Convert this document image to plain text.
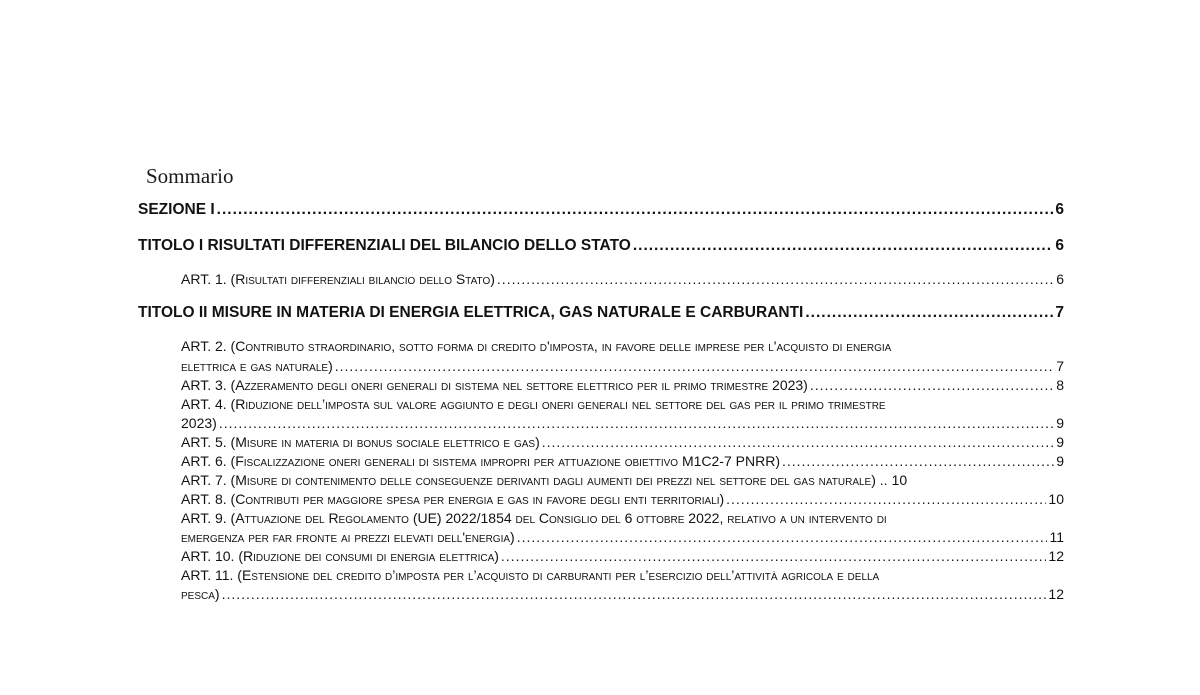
Sommario
SEZIONE I .....	6
TITOLO I RISULTATI DIFFERENZIALI DEL BILANCIO DELLO STATO .....	6
ART. 1. (Risultati differenziali bilancio dello Stato) .....	6
TITOLO II MISURE IN MATERIA DI ENERGIA ELETTRICA, GAS NATURALE E CARBURANTI .....	7
ART. 2. (Contributo straordinario, sotto forma di credito d'imposta, in favore delle imprese per l'acquisto di energia
elettrica e gas naturale) .....	7
ART. 3. (Azzeramento degli oneri generali di sistema nel settore elettrico per il primo trimestre 2023) .....	8
ART. 4. (Riduzione dell’imposta sul valore aggiunto e degli oneri generali nel settore del gas per il primo trimestre
2023) .....	9
ART. 5. (Misure in materia di bonus sociale elettrico e gas) .....	9
ART. 6. (Fiscalizzazione oneri generali di sistema impropri per attuazione obiettivo M1C2-7 PNRR) .....	9
ART. 7. (Misure di contenimento delle conseguenze derivanti dagli aumenti dei prezzi nel settore del gas naturale) .. 10
ART. 8. (Contributi per maggiore spesa per energia e gas in favore degli enti territoriali) .....	10
ART. 9. (Attuazione del Regolamento (UE) 2022/1854 del Consiglio del 6 ottobre 2022, relativo a un intervento di
emergenza per far fronte ai prezzi elevati dell'energia) .....	11
ART. 10. (Riduzione dei consumi di energia elettrica) .....	12
ART. 11. (Estensione del credito d’imposta per l’acquisto di carburanti per l’esercizio dell’attività agricola e della
pesca) .....	12
